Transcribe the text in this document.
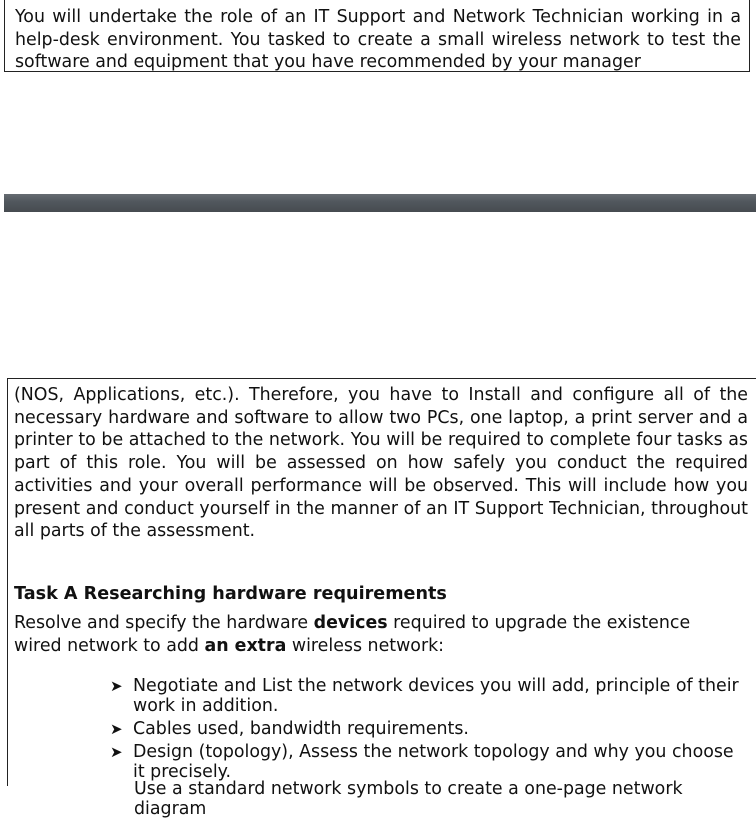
You will undertake the role of an IT Support and Network Technician working in a help-desk environment. You tasked to create a small wireless network to test the software and equipment that you have recommended by your manager

(NOS, Applications, etc.). Therefore, you have to Install and configure all of the necessary hardware and software to allow two PCs, one laptop, a print server and a printer to be attached to the network. You will be required to complete four tasks as part of this role. You will be assessed on how safely you conduct the required activities and your overall performance will be observed. This will include how you present and conduct yourself in the manner of an IT Support Technician, throughout all parts of the assessment.

Task A Researching hardware requirements

Resolve and specify the hardware devices required to upgrade the existence wired network to add an extra wireless network:

➤ Negotiate and List the network devices you will add, principle of their work in addition.
➤ Cables used, bandwidth requirements.
➤ Design (topology), Assess the network topology and why you choose it precisely.
Use a standard network symbols to create a one-page network diagram
